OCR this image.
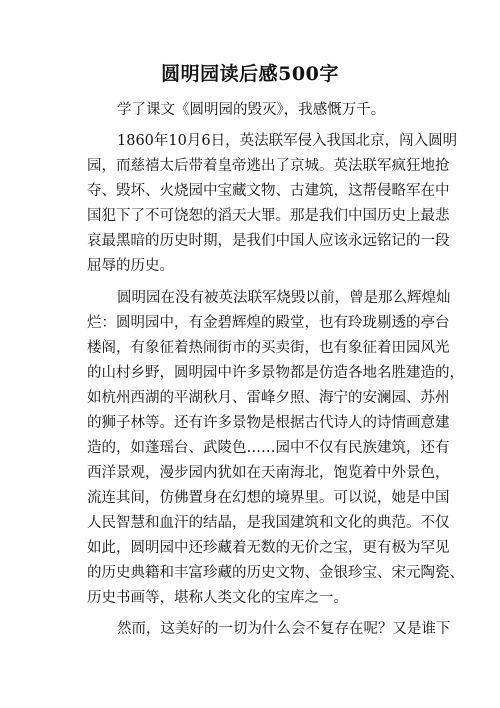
圆明园读后感500字
学了课文《圆明园的毁灭》，我感慨万千。
1860年10月6日，英法联军侵入我国北京，闯入圆明
园，而慈禧太后带着皇帝逃出了京城。英法联军疯狂地抢
夺、毁坏、火烧园中宝藏文物、古建筑，这帮侵略军在中
国犯下了不可饶恕的滔天大罪。那是我们中国历史上最悲
哀最黑暗的历史时期，是我们中国人应该永远铭记的一段
屈辱的历史。
圆明园在没有被英法联军烧毁以前，曾是那么辉煌灿
烂：圆明园中，有金碧辉煌的殿堂，也有玲珑剔透的亭台
楼阁，有象征着热闹街市的买卖街，也有象征着田园风光
的山村乡野，圆明园中许多景物都是仿造各地名胜建造的，
如杭州西湖的平湖秋月、雷峰夕照、海宁的安澜园、苏州
的狮子林等。还有许多景物是根据古代诗人的诗情画意建
造的，如蓬瑶台、武陵色……园中不仅有民族建筑，还有
西洋景观，漫步园内犹如在天南海北，饱览着中外景色，
流连其间，仿佛置身在幻想的境界里。可以说，她是中国
人民智慧和血汗的结晶，是我国建筑和文化的典范。不仅
如此，圆明园中还珍藏着无数的无价之宝，更有极为罕见
的历史典籍和丰富珍藏的历史文物、金银珍宝、宋元陶瓷、
历史书画等，堪称人类文化的宝库之一。
然而，这美好的一切为什么会不复存在呢？又是谁下
